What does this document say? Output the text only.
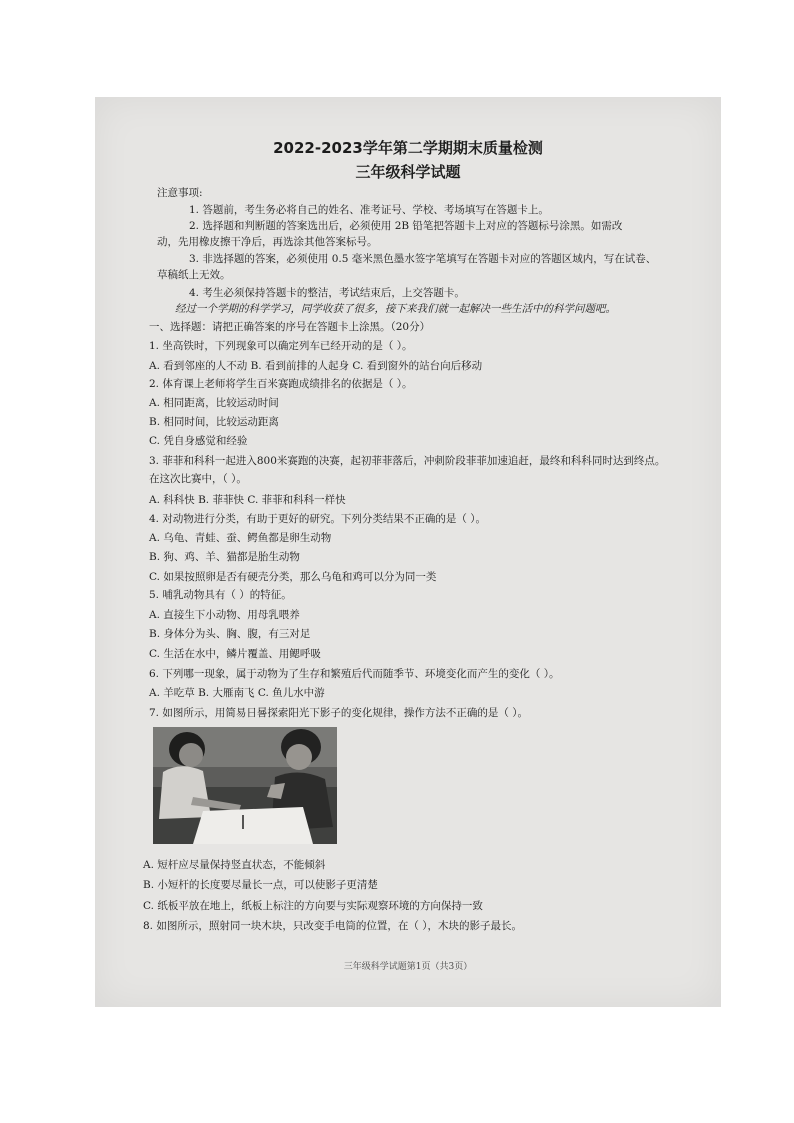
2022-2023学年第二学期期末质量检测
三年级科学试题
注意事项:
1. 答题前，考生务必将自己的姓名、准考证号、学校、考场填写在答题卡上。
2. 选择题和判断题的答案选出后，必须使用 2B 铅笔把答题卡上对应的答题标号涂黑。如需改
动，先用橡皮擦干净后，再选涂其他答案标号。
3. 非选择题的答案，必须使用 0.5 毫米黑色墨水签字笔填写在答题卡对应的答题区域内，写在试卷、
草稿纸上无效。
4. 考生必须保持答题卡的整洁，考试结束后，上交答题卡。
经过一个学期的科学学习，同学收获了很多，接下来我们就一起解决一些生活中的科学问题吧。
一、选择题：请把正确答案的序号在答题卡上涂黑。（20分）
1. 坐高铁时，下列现象可以确定列车已经开动的是（ ）。
A. 看到邻座的人不动 B. 看到前排的人起身 C. 看到窗外的站台向后移动
2. 体育课上老师将学生百米赛跑成绩排名的依据是（ ）。
A. 相同距离，比较运动时间
B. 相同时间，比较运动距离
C. 凭自身感觉和经验
3. 菲菲和科科一起进入800米赛跑的决赛，起初菲菲落后，冲刺阶段菲菲加速追赶，最终和科科同时达到终点。
在这次比赛中，（ ）。
A. 科科快 B. 菲菲快 C. 菲菲和科科一样快
4. 对动物进行分类，有助于更好的研究。下列分类结果不正确的是（ ）。
A. 乌龟、青蛙、蚕、鳄鱼都是卵生动物
B. 狗、鸡、羊、猫都是胎生动物
C. 如果按照卵是否有硬壳分类，那么乌龟和鸡可以分为同一类
5. 哺乳动物具有（ ）的特征。
A. 直接生下小动物、用母乳喂养
B. 身体分为头、胸、腹，有三对足
C. 生活在水中，鳞片覆盖、用鳃呼吸
6. 下列哪一现象，属于动物为了生存和繁殖后代而随季节、环境变化而产生的变化（ ）。
A. 羊吃草 B. 大雁南飞 C. 鱼儿水中游
7. 如图所示，用简易日晷探索阳光下影子的变化规律，操作方法不正确的是（ ）。
A. 短杆应尽量保持竖直状态，不能倾斜
B. 小短杆的长度要尽量长一点，可以使影子更清楚
C. 纸板平放在地上，纸板上标注的方向要与实际观察环境的方向保持一致
8. 如图所示，照射同一块木块，只改变手电筒的位置，在（ ），木块的影子最长。
三年级科学试题第1页（共3页）
